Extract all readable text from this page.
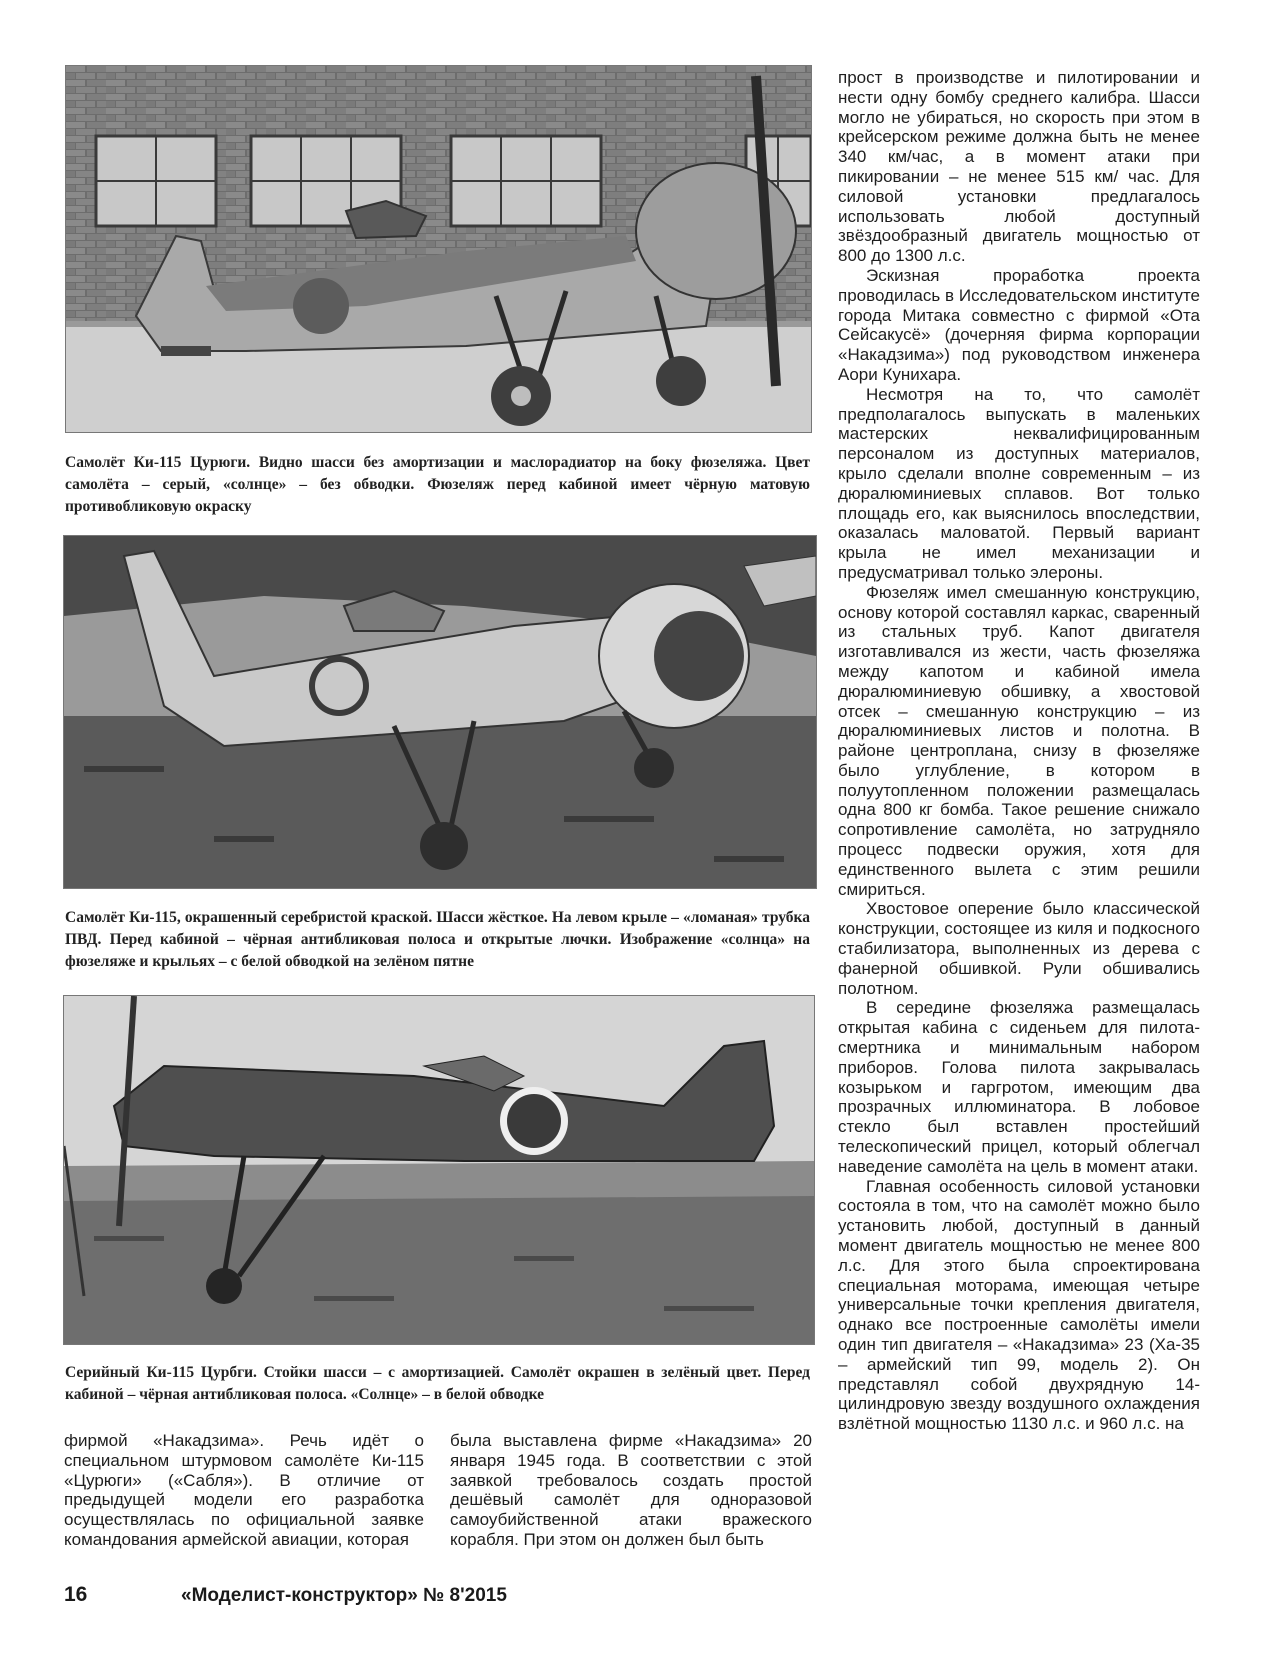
Самолёт Ки-115 Цурюги. Видно шасси без амортизации и маслорадиатор на боку фюзеляжа. Цвет самолёта – серый, «солнце» – без обводки. Фюзеляж перед кабиной имеет чёрную матовую противобликовую окраску

Самолёт Ки-115, окрашенный серебристой краской. Шасси жёсткое. На левом крыле – «ломаная» трубка ПВД. Перед кабиной – чёрная антибликовая полоса и открытые лючки. Изображение «солнца» на фюзеляже и крыльях – с белой обводкой на зелёном пятне

Серийный Ки-115 Цурбги. Стойки шасси – с амортизацией. Самолёт окрашен в зелёный цвет. Перед кабиной – чёрная антибликовая полоса. «Солнце» – в белой обводке

фирмой «Накадзима». Речь идёт о специальном штурмовом самолёте Ки-115 «Цурюги» («Сабля»). В отличие от предыдущей модели его разработка осуществлялась по официальной заявке командования армейской авиации, которая

была выставлена фирме «Накадзима» 20 января 1945 года. В соответствии с этой заявкой требовалось создать простой дешёвый самолёт для одноразовой самоубийственной атаки вражеского корабля. При этом он должен был быть

прост в производстве и пилотировании и нести одну бомбу среднего калибра. Шасси могло не убираться, но скорость при этом в крейсерском режиме должна быть не менее 340 км/час, а в момент атаки при пикировании – не менее 515 км/ час. Для силовой установки предлагалось использовать любой доступный звёздообразный двигатель мощностью от 800 до 1300 л.с.

Эскизная проработка проекта проводилась в Исследовательском институте города Митака совместно с фирмой «Ота Сейсакусё» (дочерняя фирма корпорации «Накадзима») под руководством инженера Аори Кунихара.

Несмотря на то, что самолёт предполагалось выпускать в маленьких мастерских неквалифицированным персоналом из доступных материалов, крыло сделали вполне современным – из дюралюминиевых сплавов. Вот только площадь его, как выяснилось впоследствии, оказалась маловатой. Первый вариант крыла не имел механизации и предусматривал только элероны.

Фюзеляж имел смешанную конструкцию, основу которой составлял каркас, сваренный из стальных труб. Капот двигателя изготавливался из жести, часть фюзеляжа между капотом и кабиной имела дюралюминиевую обшивку, а хвостовой отсек – смешанную конструкцию – из дюралюминиевых листов и полотна. В районе центроплана, снизу в фюзеляже было углубление, в котором в полуутопленном положении размещалась одна 800 кг бомба. Такое решение снижало сопротивление самолёта, но затрудняло процесс подвески оружия, хотя для единственного вылета с этим решили смириться.

Хвостовое оперение было классической конструкции, состоящее из киля и подкосного стабилизатора, выполненных из дерева с фанерной обшивкой. Рули обшивались полотном.

В середине фюзеляжа размещалась открытая кабина с сиденьем для пилота-смертника и минимальным набором приборов. Голова пилота закрывалась козырьком и гаргротом, имеющим два прозрачных иллюминатора. В лобовое стекло был вставлен простейший телескопический прицел, который облегчал наведение самолёта на цель в момент атаки.

Главная особенность силовой установки состояла в том, что на самолёт можно было установить любой, доступный в данный момент двигатель мощностью не менее 800 л.с. Для этого была спроектирована специальная моторама, имеющая четыре универсальные точки крепления двигателя, однако все построенные самолёты имели один тип двигателя – «Накадзима» 23 (Ха-35 – армейский тип 99, модель 2). Он представлял собой двухрядную 14-цилиндровую звезду воздушного охлаждения взлётной мощностью 1130 л.с. и 960 л.с. на

16	«Моделист-конструктор» № 8'2015
